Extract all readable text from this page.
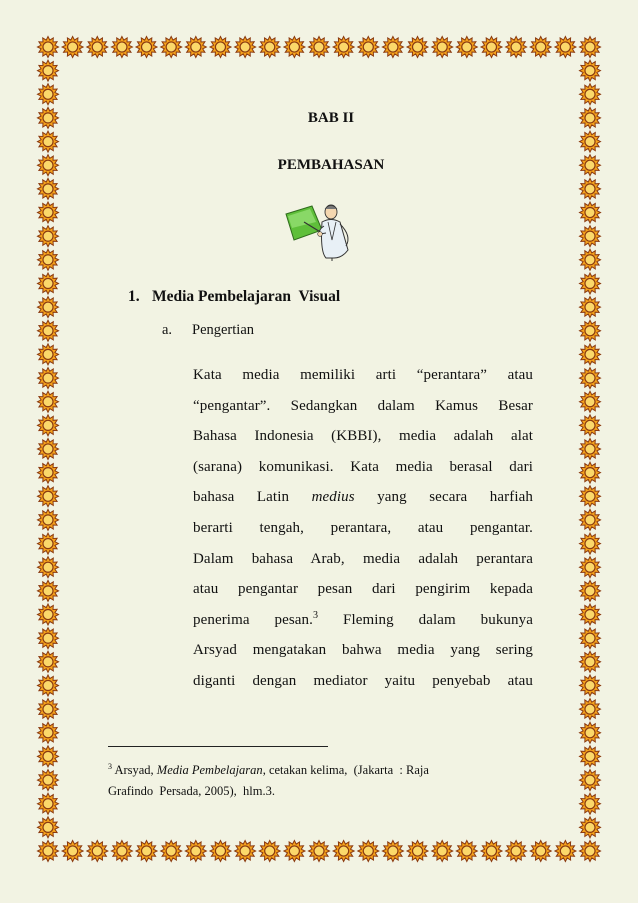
BAB II
PEMBAHASAN
1. Media Pembelajaran  Visual
a. Pengertian
Kata media memiliki arti “perantara” atau
“pengantar”. Sedangkan dalam Kamus Besar
Bahasa Indonesia (KBBI), media adalah alat
(sarana) komunikasi. Kata media berasal dari
bahasa Latin medius yang secara harfiah
berarti tengah, perantara, atau pengantar.
Dalam bahasa Arab, media adalah perantara
atau pengantar pesan dari pengirim kepada
penerima pesan.$^3$ Fleming dalam bukunya
Arsyad mengatakan bahwa media yang sering
diganti dengan mediator yaitu penyebab atau
$^3$ Arsyad, Media Pembelajaran, cetakan kelima,  (Jakarta  : Raja
Grafindo  Persada, 2005),  hlm.3.
